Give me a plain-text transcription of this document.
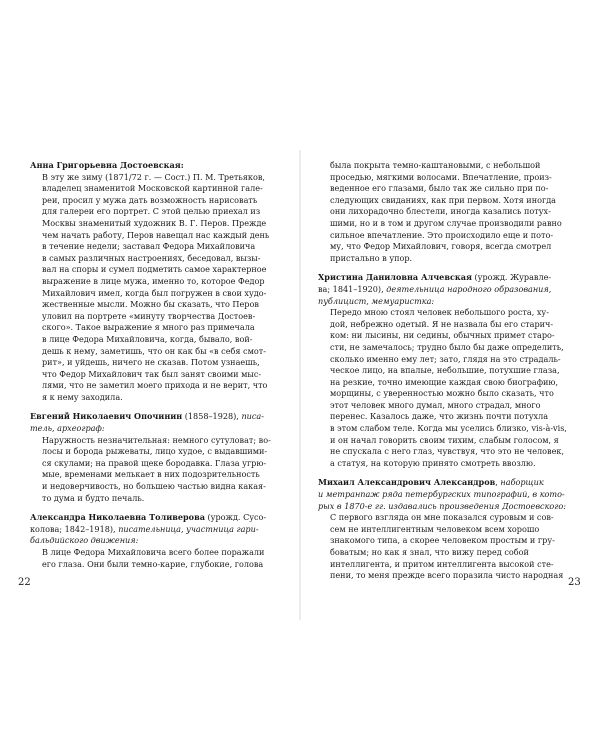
Анна Григорьевна Достоевская:
В эту же зиму (1871/72 г. — Сост.) П. М. Третьяков,
владелец знаменитой Московской картинной гале-
реи, просил у мужа дать возможность нарисовать
для галереи его портрет. С этой целью приехал из
Москвы знаменитый художник В. Г. Перов. Прежде
чем начать работу, Перов навещал нас каждый день
в течение недели; заставал Федора Михайловича
в самых различных настроениях, беседовал, вызы-
вал на споры и сумел подметить самое характерное
выражение в лице мужа, именно то, которое Федор
Михайлович имел, когда был погружен в свои худо-
жественные мысли. Можно бы сказать, что Перов
уловил на портрете «минуту творчества Достоев-
ского». Такое выражение я много раз примечала
в лице Федора Михайловича, когда, бывало, вой-
дешь к нему, заметишь, что он как бы «в себя смот-
рит», и уйдешь, ничего не сказав. Потом узнаешь,
что Федор Михайлович так был занят своими мыс-
лями, что не заметил моего прихода и не верит, что
я к нему заходила.
Евгений Николаевич Опочинин (1858–1928), писа-
тель, археограф:
Наружность незначительная: немного сутуловат; во-
лосы и борода рыжеваты, лицо худое, с выдавшими-
ся скулами; на правой щеке бородавка. Глаза угрю-
мые, временами мелькает в них подозрительность
и недоверчивость, но большею частью видна какая-
то дума и будто печаль.
Александра Николаевна Толиверова (урожд. Сусо-
колова; 1842–1918), писательница, участница гари-
бальдийского движения:
В лице Федора Михайловича всего более поражали
его глаза. Они были темно-карие, глубокие, голова
была покрыта темно-каштановыми, с небольшой
проседью, мягкими волосами. Впечатление, произ-
веденное его глазами, было так же сильно при по-
следующих свиданиях, как при первом. Хотя иногда
они лихорадочно блестели, иногда казались потух-
шими, но и в том и другом случае производили равно
сильное впечатление. Это происходило еще и пото-
му, что Федор Михайлович, говоря, всегда смотрел
пристально в упор.
Христина Даниловна Алчевская (урожд. Журавле-
ва; 1841–1920), деятельница народного образования,
публицист, мемуаристка:
Передо мною стоял человек небольшого роста, ху-
дой, небрежно одетый. Я не назвала бы его старич-
ком: ни лысины, ни седины, обычных примет старо-
сти, не замечалось; трудно было бы даже определить,
сколько именно ему лет; зато, глядя на это страдаль-
ческое лицо, на впалые, небольшие, потухшие глаза,
на резкие, точно имеющие каждая свою биографию,
морщины, с уверенностью можно было сказать, что
этот человек много думал, много страдал, много
перенес. Казалось даже, что жизнь почти потухла
в этом слабом теле. Когда мы уселись близко, vis-à-vis,
и он начал говорить своим тихим, слабым голосом, я
не спускала с него глаз, чувствуя, что это не человек,
а статуя, на которую принято смотреть ввозлю.
Михаил Александрович Александров, наборщик
и метранпаж ряда петербургских типографий, в кото-
рых в 1870-е гг. издавались произведения Достоевского:
С первого взгляда он мне показался суровым и сов-
сем не интеллигентным человеком всем хорошо
знакомого типа, а скорее человеком простым и гру-
боватым; но как я знал, что вижу перед собой
интеллигента, и притом интеллигента высокой сте-
пени, то меня прежде всего поразила чисто народная
22	23
